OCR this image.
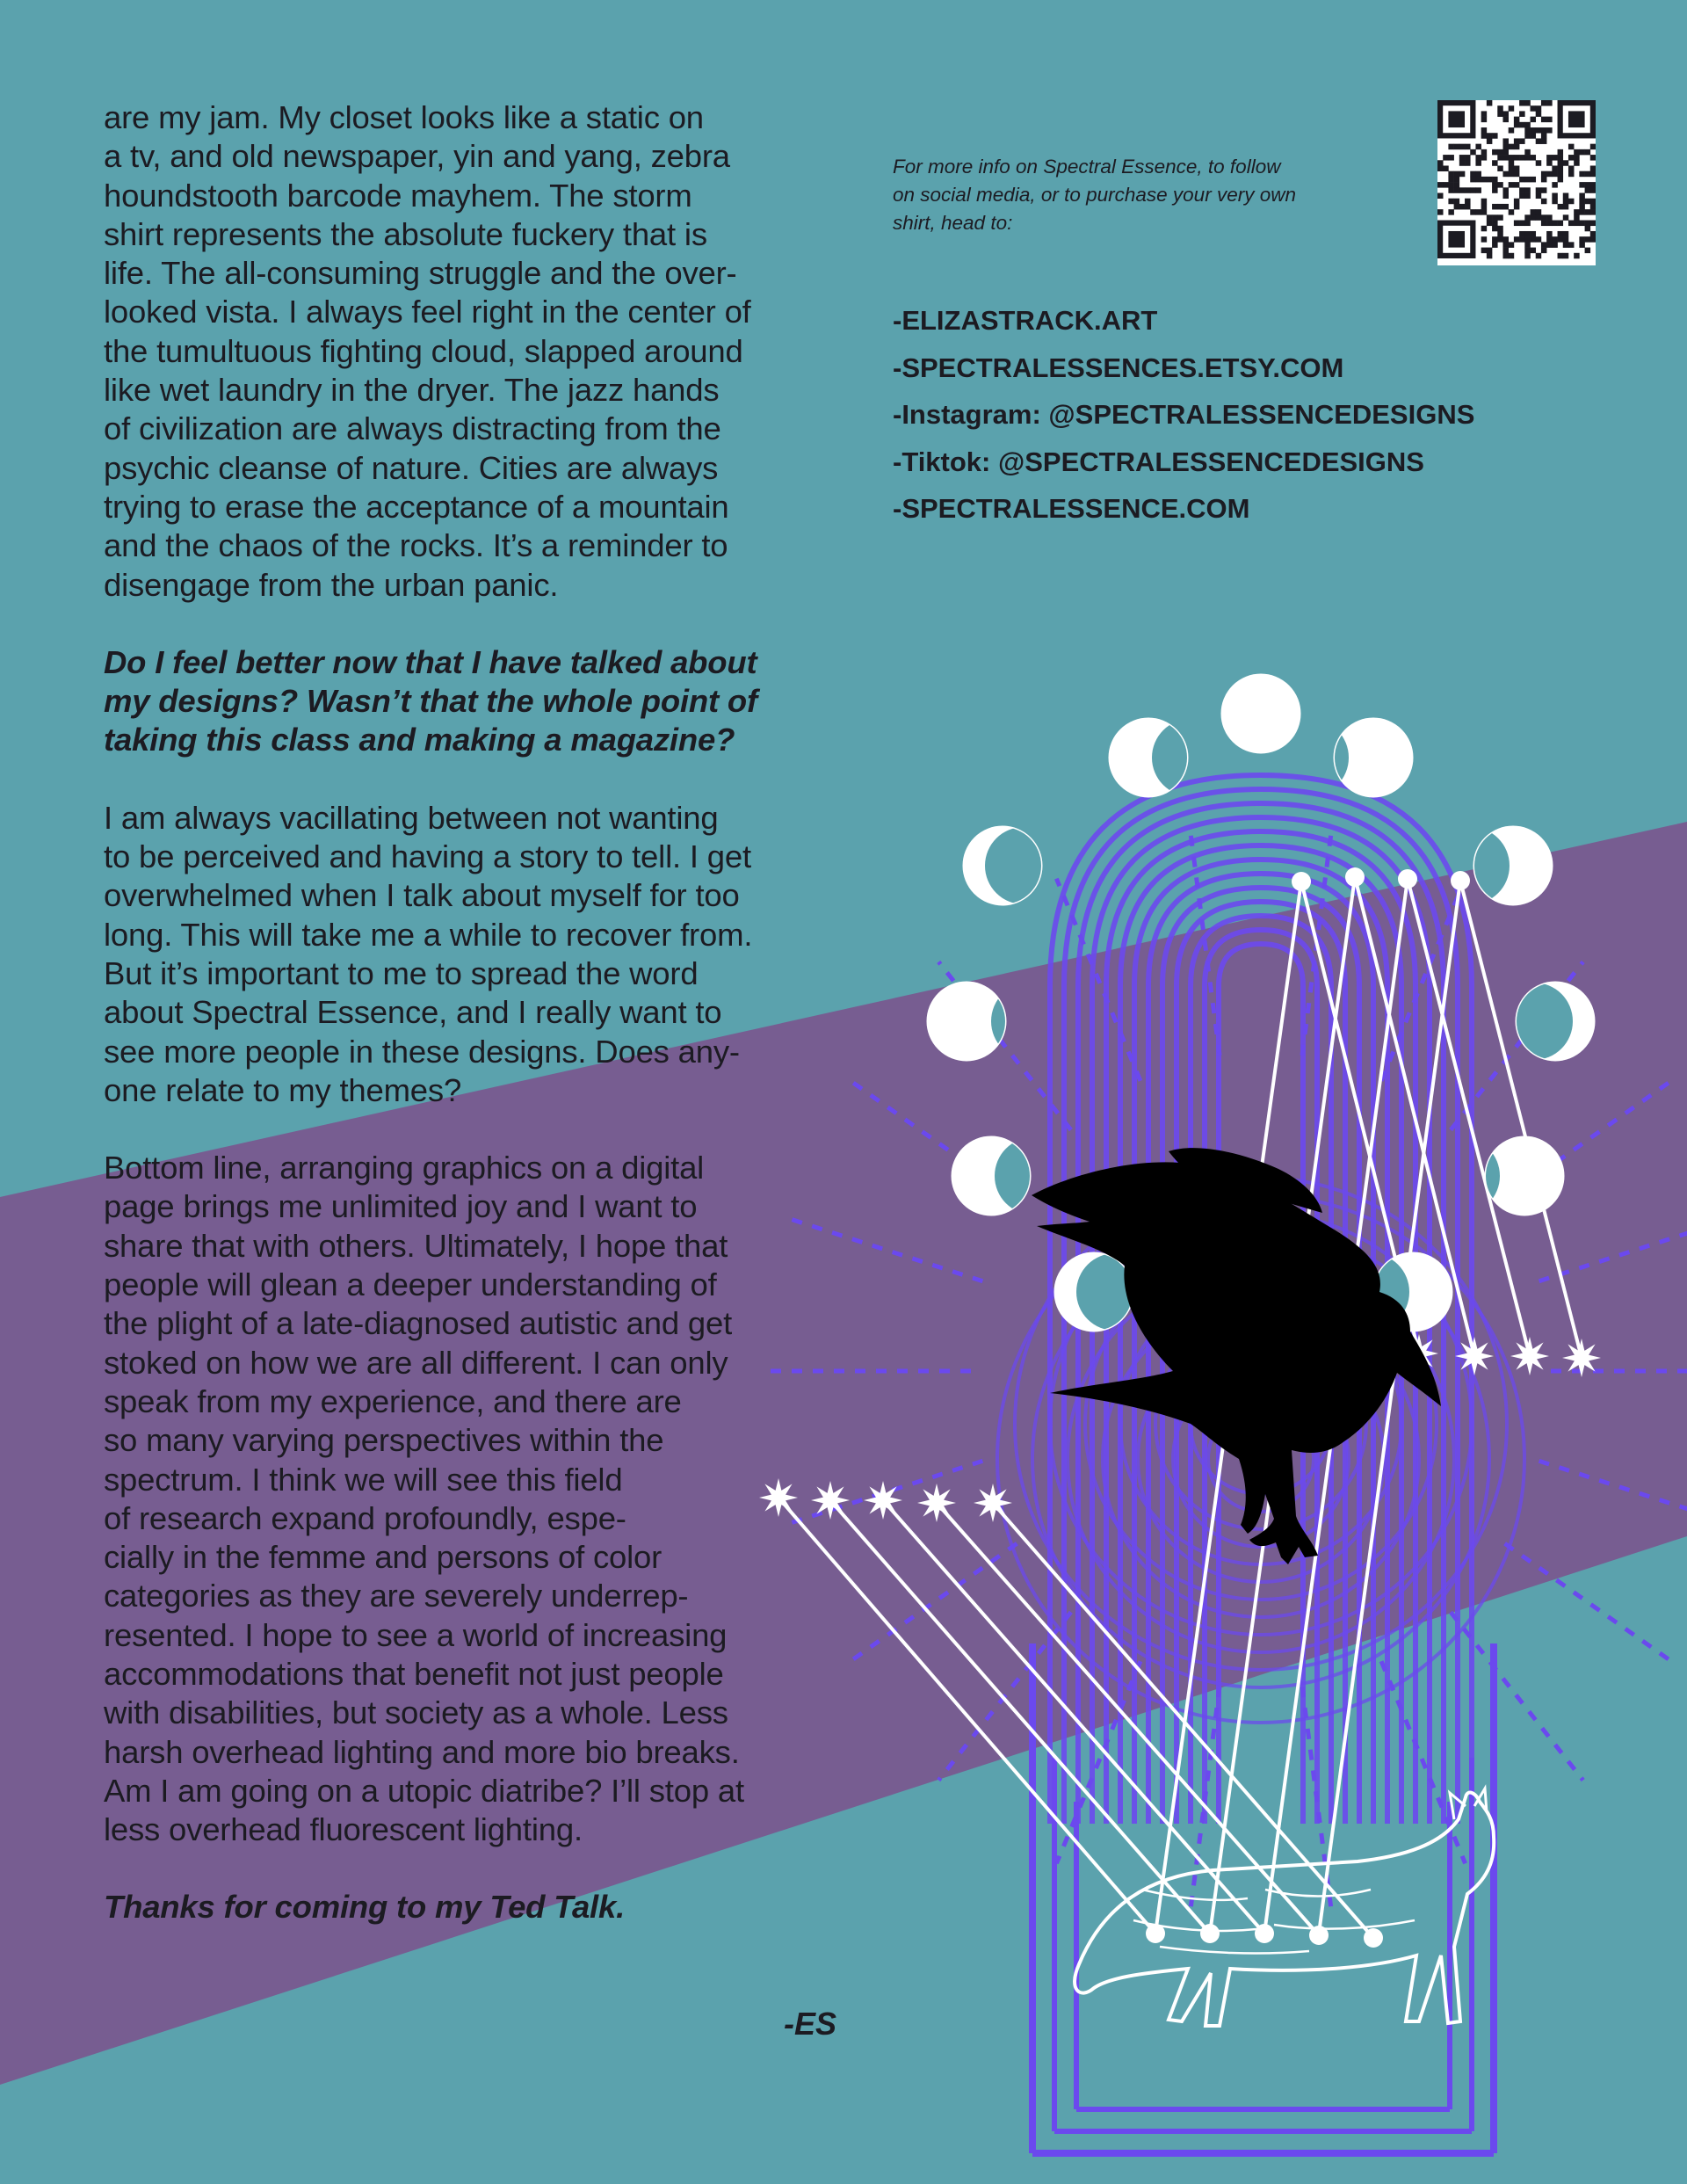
are my jam. My closet looks like a static on
a tv, and old newspaper, yin and yang, zebra
houndstooth barcode mayhem. The storm
shirt represents the absolute fuckery that is
life. The all-consuming struggle and the over-
looked vista. I always feel right in the center of
the tumultuous fighting cloud, slapped around
like wet laundry in the dryer. The jazz hands
of civilization are always distracting from the
psychic cleanse of nature. Cities are always
trying to erase the acceptance of a mountain
and the chaos of the rocks. It’s a reminder to
disengage from the urban panic.

Do I feel better now that I have talked about
my designs? Wasn’t that the whole point of
taking this class and making a magazine?

I am always vacillating between not wanting
to be perceived and having a story to tell. I get
overwhelmed when I talk about myself for too
long. This will take me a while to recover from.
But it’s important to me to spread the word
about Spectral Essence, and I really want to
see more people in these designs. Does any-
one relate to my themes?

Bottom line, arranging graphics on a digital
page brings me unlimited joy and I want to
share that with others. Ultimately, I hope that
people will glean a deeper understanding of
the plight of a late-diagnosed autistic and get
stoked on how we are all different. I can only
speak from my experience, and there are
so many varying perspectives within the
spectrum. I think we will see this field
of research expand profoundly, espe-
cially in the femme and persons of color
categories as they are severely underrep-
resented. I hope to see a world of increasing
accommodations that benefit not just people
with disabilities, but society as a whole. Less
harsh overhead lighting and more bio breaks.
Am I am going on a utopic diatribe? I’ll stop at
less overhead fluorescent lighting.

Thanks for coming to my Ted Talk.

-ES
For more info on Spectral Essence, to follow
on social media, or to purchase your very own
shirt, head to:
-ELIZASTRACK.ART
-SPECTRALESSENCES.ETSY.COM
-Instagram: @SPECTRALESSENCEDESIGNS
-Tiktok: @SPECTRALESSENCEDESIGNS
-SPECTRALESSENCE.COM
